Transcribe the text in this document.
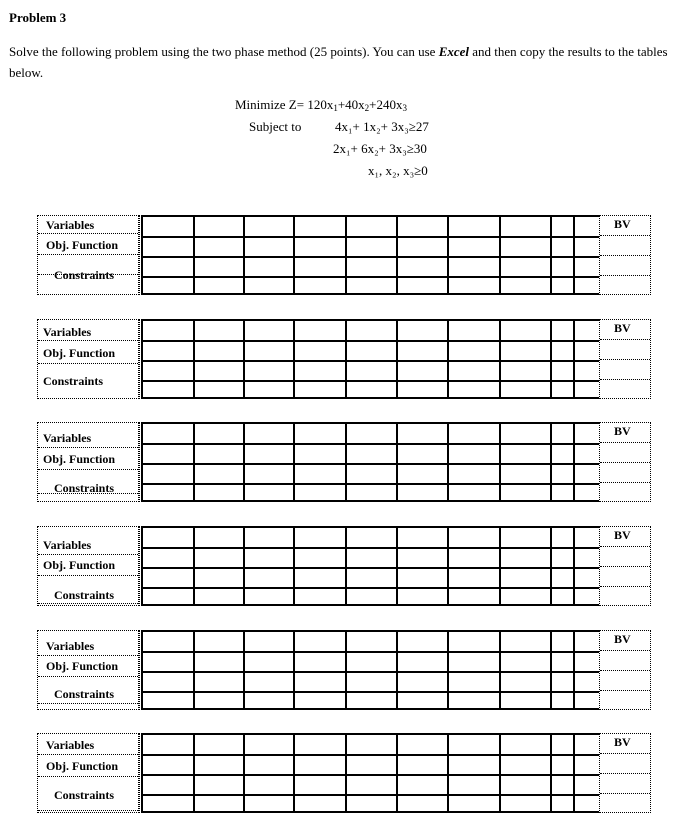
Problem 3
Solve the following problem using the two phase method (25 points). You can use Excel and then copy the results to the tables below.
Minimize $Z= 120x_1+40x_2+240x_3$
Subject to	4x₁+ 1x₂+ 3x₃≥27
2x₁+ 6x₂+ 3x₃≥30
x₁, x₂, x₃≥0
Variables
Obj. Function
Constraints
BV
Variables
Obj. Function
Constraints
BV
Variables
Obj. Function
Constraints
BV
Variables
Obj. Function
Constraints
BV
Variables
Obj. Function
Constraints
BV
Variables
Obj. Function
Constraints
BV
